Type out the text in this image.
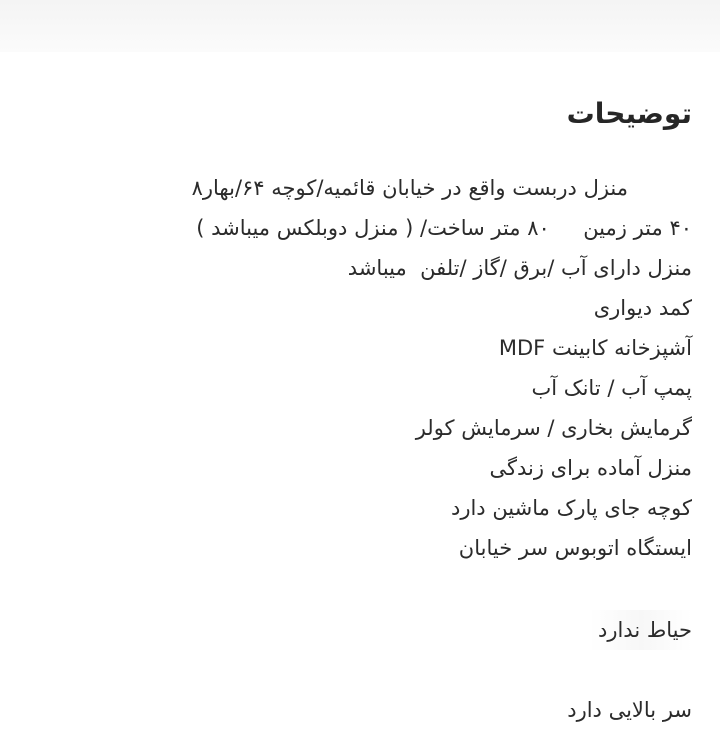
توضیحات
منزل دربست واقع در خیابان قائمیه/کوچه ۶۴/بهار۸
۴۰ متر زمین     ۸۰ متر ساخت/ ( منزل دوبلکس میباشد )
منزل دارای آب /برق /گاز /تلفن  میباشد
کمد دیواری
آشپزخانه کابینت MDF
پمپ آب / تانک آب
گرمایش بخاری / سرمایش کولر
منزل آماده برای زندگی
کوچه جای پارک ماشین دارد
ایستگاه اتوبوس سر خیابان
حیاط ندارد
سر بالایی دارد
